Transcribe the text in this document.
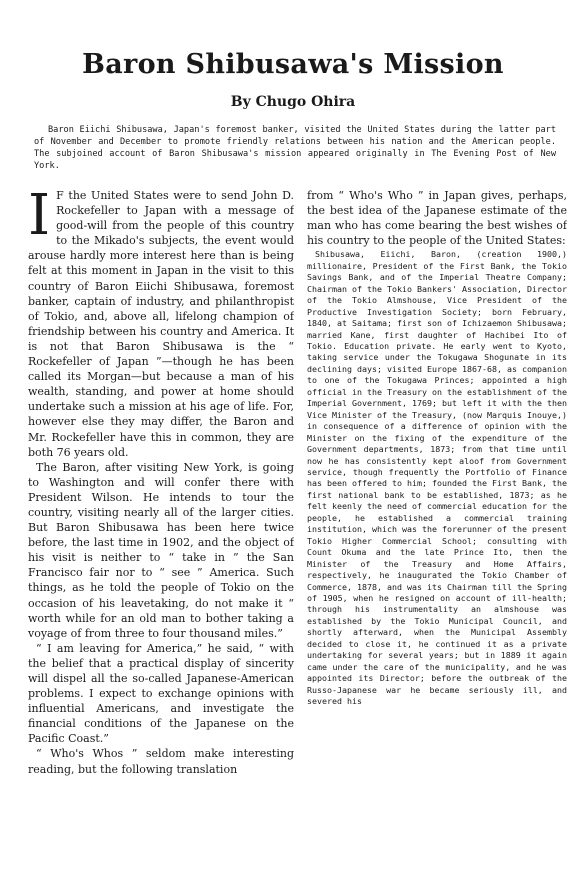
Baron Shibusawa's Mission
By Chugo Ohira

Baron Eiichi Shibusawa, Japan's foremost banker, visited the United States during the latter part of November and December to promote friendly relations between his nation and the American people. The subjoined account of Baron Shibusawa's mission appeared originally in The Evening Post of New York.

I F the United States were to send John D. Rockefeller to Japan with a message of good-will from the people of this country to the Mikado's subjects, the event would arouse hardly more interest here than is being felt at this moment in Japan in the visit to this country of Baron Eiichi Shibusawa, foremost banker, captain of industry, and philanthropist of Tokio, and, above all, lifelong champion of friendship between his country and America. It is not that Baron Shibusawa is the “ Rockefeller of Japan ”—though he has been called its Morgan—but because a man of his wealth, standing, and power at home should undertake such a mission at his age of life. For, however else they may differ, the Baron and Mr. Rockefeller have this in common, they are both 76 years old.

The Baron, after visiting New York, is going to Washington and will confer there with President Wilson. He intends to tour the country, visiting nearly all of the larger cities. But Baron Shibusawa has been here twice before, the last time in 1902, and the object of his visit is neither to “ take in ” the San Francisco fair nor to “ see ” America. Such things, as he told the people of Tokio on the occasion of his leavetaking, do not make it “ worth while for an old man to bother taking a voyage of from three to four thousand miles.”

“ I am leaving for America,” he said, “ with the belief that a practical display of sincerity will dispel all the so-called Japanese-American problems. I expect to exchange opinions with influential Americans, and investigate the financial conditions of the Japanese on the Pacific Coast.”

“ Who's Whos ” seldom make interesting reading, but the following translation

from “ Who's Who ” in Japan gives, perhaps, the best idea of the Japanese estimate of the man who has come bearing the best wishes of his country to the people of the United States:

Shibusawa, Eiichi, Baron, (creation 1900,) millionaire, President of the First Bank, the Tokio Savings Bank, and of the Imperial Theatre Company; Chairman of the Tokio Bankers' Association, Director of the Tokio Almshouse, Vice President of the Productive Investigation Society; born February, 1840, at Saitama; first son of Ichizaemon Shibusawa; married Kane, first daughter of Hachibei Ito of Tokio. Education private. He early went to Kyoto, taking service under the Tokugawa Shogunate in its declining days; visited Europe 1867-68, as companion to one of the Tokugawa Princes; appointed a high official in the Treasury on the establishment of the Imperial Government, 1769; but left it with the then Vice Minister of the Treasury, (now Marquis Inouye,) in consequence of a difference of opinion with the Minister on the fixing of the expenditure of the Government departments, 1873; from that time until now he has consistently kept aloof from Government service, though frequently the Portfolio of Finance has been offered to him; founded the First Bank, the first national bank to be established, 1873; as he felt keenly the need of commercial education for the people, he established a commercial training institution, which was the forerunner of the present Tokio Higher Commercial School; consulting with Count Okuma and the late Prince Ito, then the Minister of the Treasury and Home Affairs, respectively, he inaugurated the Tokio Chamber of Commerce, 1878, and was its Chairman till the Spring of 1905, when he resigned on account of ill-health; through his instrumentality an almshouse was established by the Tokio Municipal Council, and shortly afterward, when the Municipal Assembly decided to close it, he continued it as a private undertaking for several years; but in 1889 it again came under the care of the municipality, and he was appointed its Director; before the outbreak of the Russo-Japanese war he became seriously ill, and severed his
